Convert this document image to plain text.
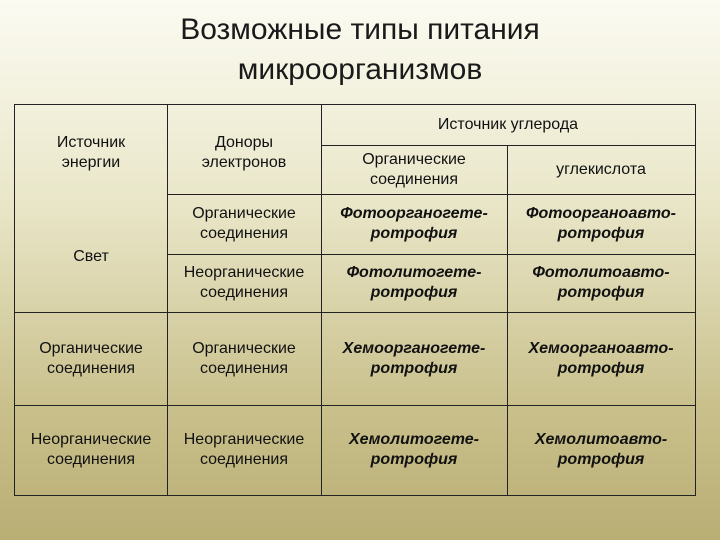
Возможные типы питания
микроорганизмов
Источник
энергии
Доноры
электронов
Источник углерода
Органические
соединения
углекислота
Свет
Органические
соединения
Фотоорганогете-
ротрофия
Фотоорганоавто-
ротрофия
Неорганические
соединения
Фотолитогете-
ротрофия
Фотолитоавто-
ротрофия
Органические
соединения
Органические
соединения
Хемоорганогете-
ротрофия
Хемоорганоавто-
ротрофия
Неорганические
соединения
Неорганические
соединения
Хемолитогете-
ротрофия
Хемолитоавто-
ротрофия
